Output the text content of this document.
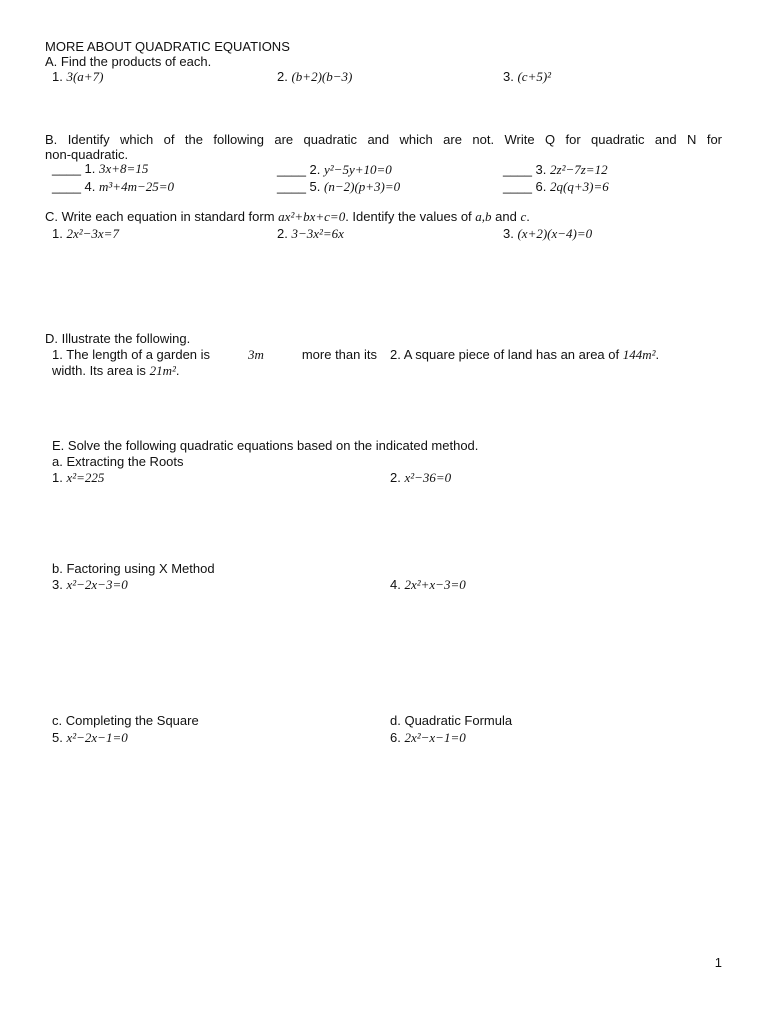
MORE ABOUT QUADRATIC EQUATIONS
A. Find the products of each.
1. 3(a+7)	2. (b+2)(b−3)	3. (c+5)²
B. Identify which of the following are quadratic and which are not. Write Q for quadratic and N for
non-quadratic.
____ 1. 3x+8=15	____ 2. y²−5y+10=0	____ 3. 2z²−7z=12
____ 4. m³+4m−25=0	____ 5. (n−2)(p+3)=0	____ 6. 2q(q+3)=6
C. Write each equation in standard form ax²+bx+c=0. Identify the values of a,b and c.
1. 2x²−3x=7	2. 3−3x²=6x	3. (x+2)(x−4)=0
D. Illustrate the following.
1. The length of a garden is	3m	more than its
width. Its area is 21m².
2. A square piece of land has an area of 144m².
E. Solve the following quadratic equations based on the indicated method.
a. Extracting the Roots
1. x²=225	2. x²−36=0
b. Factoring using X Method
3. x²−2x−3=0	4. 2x²+x−3=0
c. Completing the Square	d. Quadratic Formula
5. x²−2x−1=0	6. 2x²−x−1=0
1
